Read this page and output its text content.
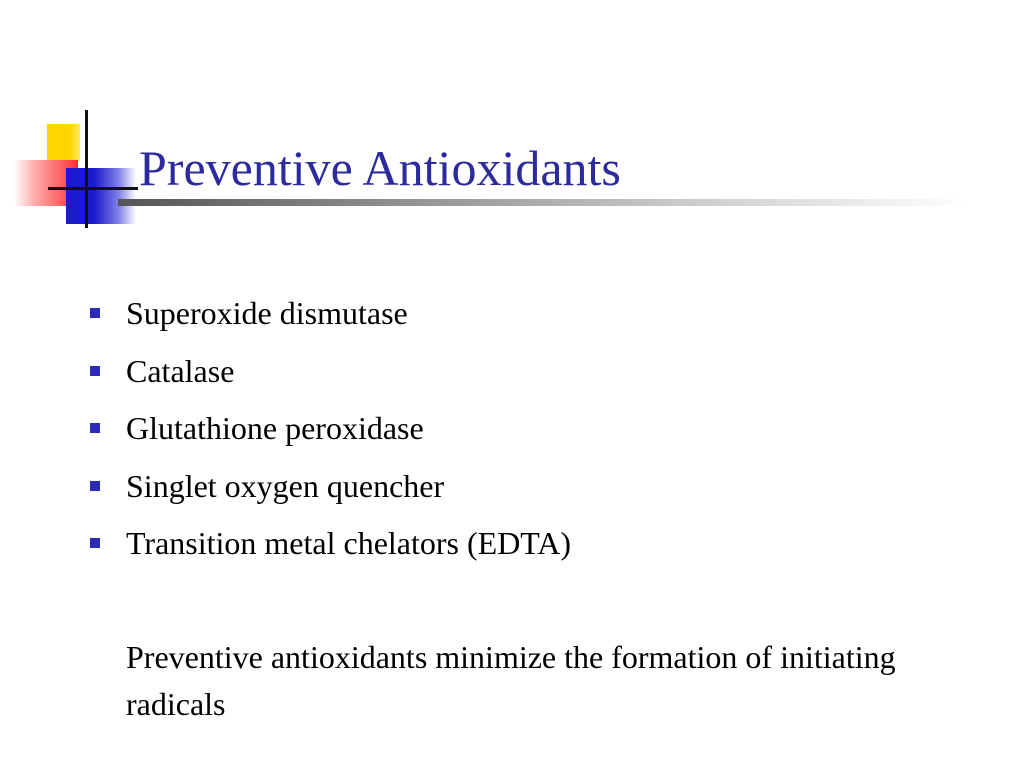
Preventive Antioxidants
Superoxide dismutase
Catalase
Glutathione peroxidase
Singlet oxygen quencher
Transition metal chelators (EDTA)

Preventive antioxidants minimize the formation of initiating radicals
